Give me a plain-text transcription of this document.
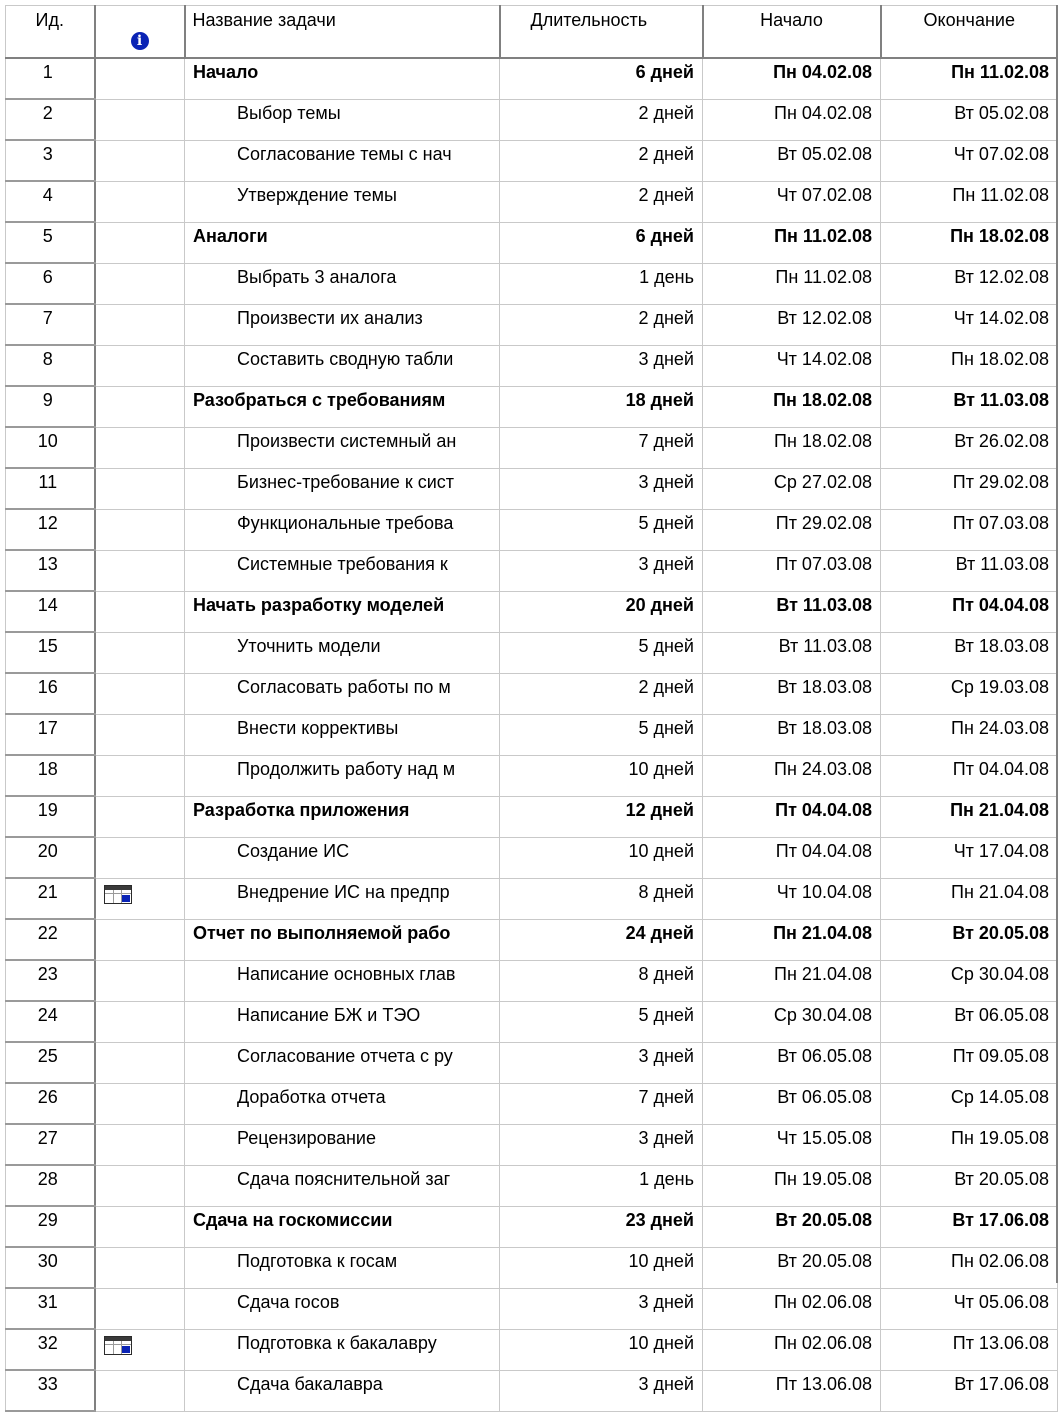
Ид.	i	Название задачи	Длительность	Начало	Окончание
1		Начало	6 дней	Пн 04.02.08	Пн 11.02.08
2		Выбор темы	2 дней	Пн 04.02.08	Вт 05.02.08
3		Согласование темы с нач	2 дней	Вт 05.02.08	Чт 07.02.08
4		Утверждение темы	2 дней	Чт 07.02.08	Пн 11.02.08
5		Аналоги	6 дней	Пн 11.02.08	Пн 18.02.08
6		Выбрать 3 аналога	1 день	Пн 11.02.08	Вт 12.02.08
7		Произвести их анализ	2 дней	Вт 12.02.08	Чт 14.02.08
8		Составить сводную табли	3 дней	Чт 14.02.08	Пн 18.02.08
9		Разобраться с требованиям	18 дней	Пн 18.02.08	Вт 11.03.08
10		Произвести системный ан	7 дней	Пн 18.02.08	Вт 26.02.08
11		Бизнес-требование к сист	3 дней	Ср 27.02.08	Пт 29.02.08
12		Функциональные требова	5 дней	Пт 29.02.08	Пт 07.03.08
13		Системные требования к	3 дней	Пт 07.03.08	Вт 11.03.08
14		Начать разработку моделей	20 дней	Вт 11.03.08	Пт 04.04.08
15		Уточнить модели	5 дней	Вт 11.03.08	Вт 18.03.08
16		Согласовать работы по м	2 дней	Вт 18.03.08	Ср 19.03.08
17		Внести коррективы	5 дней	Вт 18.03.08	Пн 24.03.08
18		Продолжить работу над м	10 дней	Пн 24.03.08	Пт 04.04.08
19		Разработка приложения	12 дней	Пт 04.04.08	Пн 21.04.08
20		Создание ИС	10 дней	Пт 04.04.08	Чт 17.04.08
21		Внедрение ИС на предпр	8 дней	Чт 10.04.08	Пн 21.04.08
22		Отчет по выполняемой рабо	24 дней	Пн 21.04.08	Вт 20.05.08
23		Написание основных глав	8 дней	Пн 21.04.08	Ср 30.04.08
24		Написание БЖ и ТЭО	5 дней	Ср 30.04.08	Вт 06.05.08
25		Согласование отчета с ру	3 дней	Вт 06.05.08	Пт 09.05.08
26		Доработка отчета	7 дней	Вт 06.05.08	Ср 14.05.08
27		Рецензирование	3 дней	Чт 15.05.08	Пн 19.05.08
28		Сдача пояснительной заг	1 день	Пн 19.05.08	Вт 20.05.08
29		Сдача на госкомиссии	23 дней	Вт 20.05.08	Вт 17.06.08
30		Подготовка к госам	10 дней	Вт 20.05.08	Пн 02.06.08
31		Сдача госов	3 дней	Пн 02.06.08	Чт 05.06.08
32		Подготовка к бакалавру	10 дней	Пн 02.06.08	Пт 13.06.08
33		Сдача бакалавра	3 дней	Пт 13.06.08	Вт 17.06.08
